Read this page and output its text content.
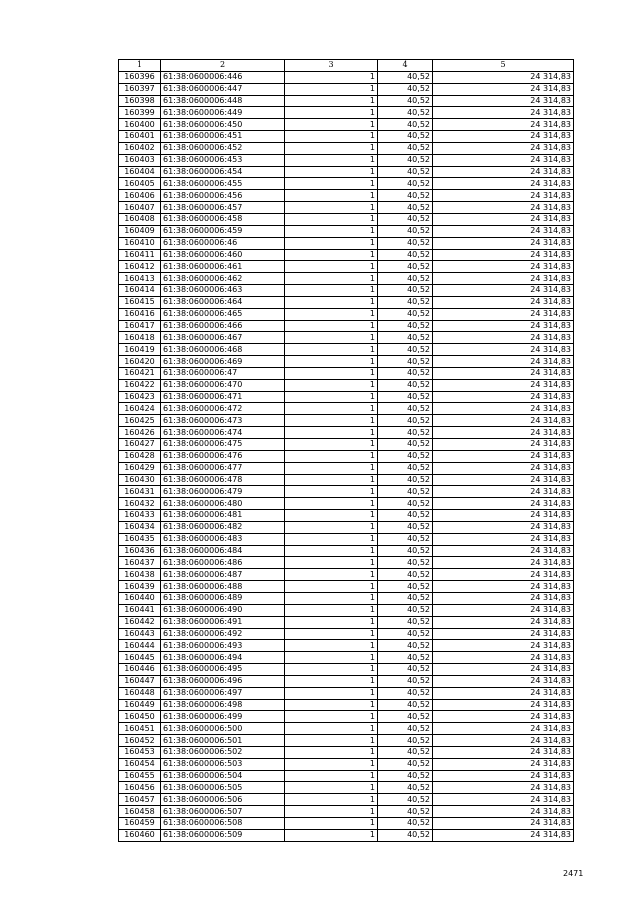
1	2	3	4	5
160396	61:38:0600006:446	1	40,52	24 314,83
160397	61:38:0600006:447	1	40,52	24 314,83
160398	61:38:0600006:448	1	40,52	24 314,83
160399	61:38:0600006:449	1	40,52	24 314,83
160400	61:38:0600006:450	1	40,52	24 314,83
160401	61:38:0600006:451	1	40,52	24 314,83
160402	61:38:0600006:452	1	40,52	24 314,83
160403	61:38:0600006:453	1	40,52	24 314,83
160404	61:38:0600006:454	1	40,52	24 314,83
160405	61:38:0600006:455	1	40,52	24 314,83
160406	61:38:0600006:456	1	40,52	24 314,83
160407	61:38:0600006:457	1	40,52	24 314,83
160408	61:38:0600006:458	1	40,52	24 314,83
160409	61:38:0600006:459	1	40,52	24 314,83
160410	61:38:0600006:46	1	40,52	24 314,83
160411	61:38:0600006:460	1	40,52	24 314,83
160412	61:38:0600006:461	1	40,52	24 314,83
160413	61:38:0600006:462	1	40,52	24 314,83
160414	61:38:0600006:463	1	40,52	24 314,83
160415	61:38:0600006:464	1	40,52	24 314,83
160416	61:38:0600006:465	1	40,52	24 314,83
160417	61:38:0600006:466	1	40,52	24 314,83
160418	61:38:0600006:467	1	40,52	24 314,83
160419	61:38:0600006:468	1	40,52	24 314,83
160420	61:38:0600006:469	1	40,52	24 314,83
160421	61:38:0600006:47	1	40,52	24 314,83
160422	61:38:0600006:470	1	40,52	24 314,83
160423	61:38:0600006:471	1	40,52	24 314,83
160424	61:38:0600006:472	1	40,52	24 314,83
160425	61:38:0600006:473	1	40,52	24 314,83
160426	61:38:0600006:474	1	40,52	24 314,83
160427	61:38:0600006:475	1	40,52	24 314,83
160428	61:38:0600006:476	1	40,52	24 314,83
160429	61:38:0600006:477	1	40,52	24 314,83
160430	61:38:0600006:478	1	40,52	24 314,83
160431	61:38:0600006:479	1	40,52	24 314,83
160432	61:38:0600006:480	1	40,52	24 314,83
160433	61:38:0600006:481	1	40,52	24 314,83
160434	61:38:0600006:482	1	40,52	24 314,83
160435	61:38:0600006:483	1	40,52	24 314,83
160436	61:38:0600006:484	1	40,52	24 314,83
160437	61:38:0600006:486	1	40,52	24 314,83
160438	61:38:0600006:487	1	40,52	24 314,83
160439	61:38:0600006:488	1	40,52	24 314,83
160440	61:38:0600006:489	1	40,52	24 314,83
160441	61:38:0600006:490	1	40,52	24 314,83
160442	61:38:0600006:491	1	40,52	24 314,83
160443	61:38:0600006:492	1	40,52	24 314,83
160444	61:38:0600006:493	1	40,52	24 314,83
160445	61:38:0600006:494	1	40,52	24 314,83
160446	61:38:0600006:495	1	40,52	24 314,83
160447	61:38:0600006:496	1	40,52	24 314,83
160448	61:38:0600006:497	1	40,52	24 314,83
160449	61:38:0600006:498	1	40,52	24 314,83
160450	61:38:0600006:499	1	40,52	24 314,83
160451	61:38:0600006:500	1	40,52	24 314,83
160452	61:38:0600006:501	1	40,52	24 314,83
160453	61:38:0600006:502	1	40,52	24 314,83
160454	61:38:0600006:503	1	40,52	24 314,83
160455	61:38:0600006:504	1	40,52	24 314,83
160456	61:38:0600006:505	1	40,52	24 314,83
160457	61:38:0600006:506	1	40,52	24 314,83
160458	61:38:0600006:507	1	40,52	24 314,83
160459	61:38:0600006:508	1	40,52	24 314,83
160460	61:38:0600006:509	1	40,52	24 314,83
2471
